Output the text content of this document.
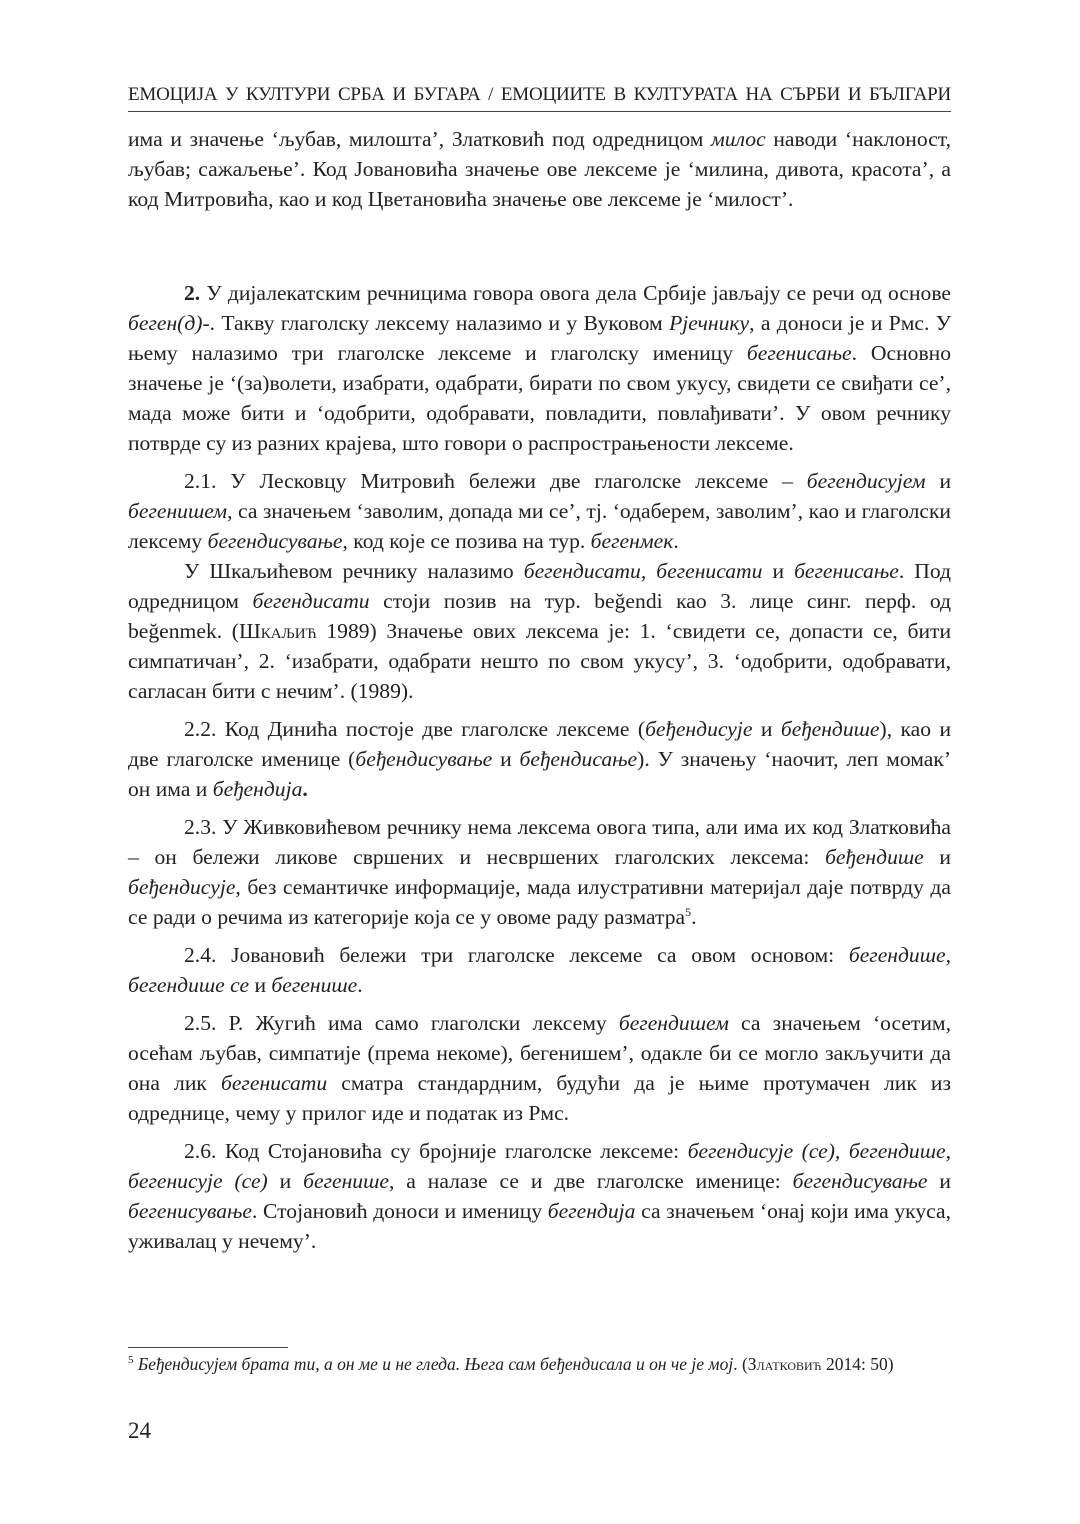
ЕМОЦИЈА У КУЛТУРИ СРБА И БУГАРА / ЕМОЦИИТЕ В КУЛТУРАТА НА СЪРБИ И БЪЛГАРИ

има и значење ‘љубав, милошта’, Златковић под одредницом милос наводи ‘наклоност, љубав; сажаљење’. Код Јовановића значење ове лексеме је ‘милина, дивота, красота’, а код Митровића, као и код Цветановића значење ове лексеме је ‘милост’.

2. У дијалекатским речницима говора овога дела Србије јављају се речи од основе беген(д)-. Такву глаголску лексему налазимо и у Вуковом Рјечнику, а доноси је и Рмс. У њему налазимо три глаголске лексеме и глаголску именицу бегенисање. Основно значење је ‘(за)волети, изабрати, одабрати, бирати по свом укусу, свидети се свиђати се’, мада може бити и ‘одобрити, одобравати, повладити, повлађивати’. У овом речнику потврде су из разних крајева, што говори о распрострањености лексеме.

2.1. У Лесковцу Митровић бележи две глаголске лексеме – бегендисујем и бегенишем, са значењем ‘заволим, допада ми се’, тј. ‘одаберем, заволим’, као и глаголски лексему бегендисување, код које се позива на тур. бегенмек.

У Шкаљићевом речнику налазимо бегендисати, бегенисати и бегенисање. Под одредницом бегендисати стоји позив на тур. beğendi као 3. лице синг. перф. од beğenmek. (Шкаљић 1989) Значење ових лексема је: 1. ‘свидети се, допасти се, бити симпатичан’, 2. ‘изабрати, одабрати нешто по свом укусу’, 3. ‘одобрити, одобравати, сагласан бити с нечим’. (1989).

2.2. Код Динића постоје две глаголске лексеме (беђендисује и беђендише), као и две глаголске именице (беђендисување и беђендисање). У значењу ‘наочит, леп момак’ он има и беђендија.

2.3. У Живковићевом речнику нема лексема овога типа, али има их код Златковића – он бележи ликове свршених и несвршених глаголских лексема: беђендише и беђендисује, без семантичке информације, мада илустративни материјал даје потврду да се ради о речима из категорије која се у овоме раду разматра$^5$.

2.4. Јовановић бележи три глаголске лексеме са овом основом: бегендише, бегендише се и бегенише.

2.5. Р. Жугић има само глаголски лексему бегендишем са значењем ‘осетим, осећам љубав, симпатије (према некоме), бегенишем’, одакле би се могло закључити да она лик бегенисати сматра стандардним, будући да је њиме протумачен лик из одреднице, чему у прилог иде и податак из Рмс.

2.6. Код Стојановића су бројније глаголске лексеме: бегендисује (се), бегендише, бегенисује (се) и бегенише, а налазе се и две глаголске именице: бегендисување и бегенисување. Стојановић доноси и именицу бегендија са значењем ‘онај који има укуса, уживалац у нечему’.

$^5$ Беђендисујем брата ти, а он ме и не гледа. Њега сам беђендисала и он че је мој. (Златковић 2014: 50)
24
